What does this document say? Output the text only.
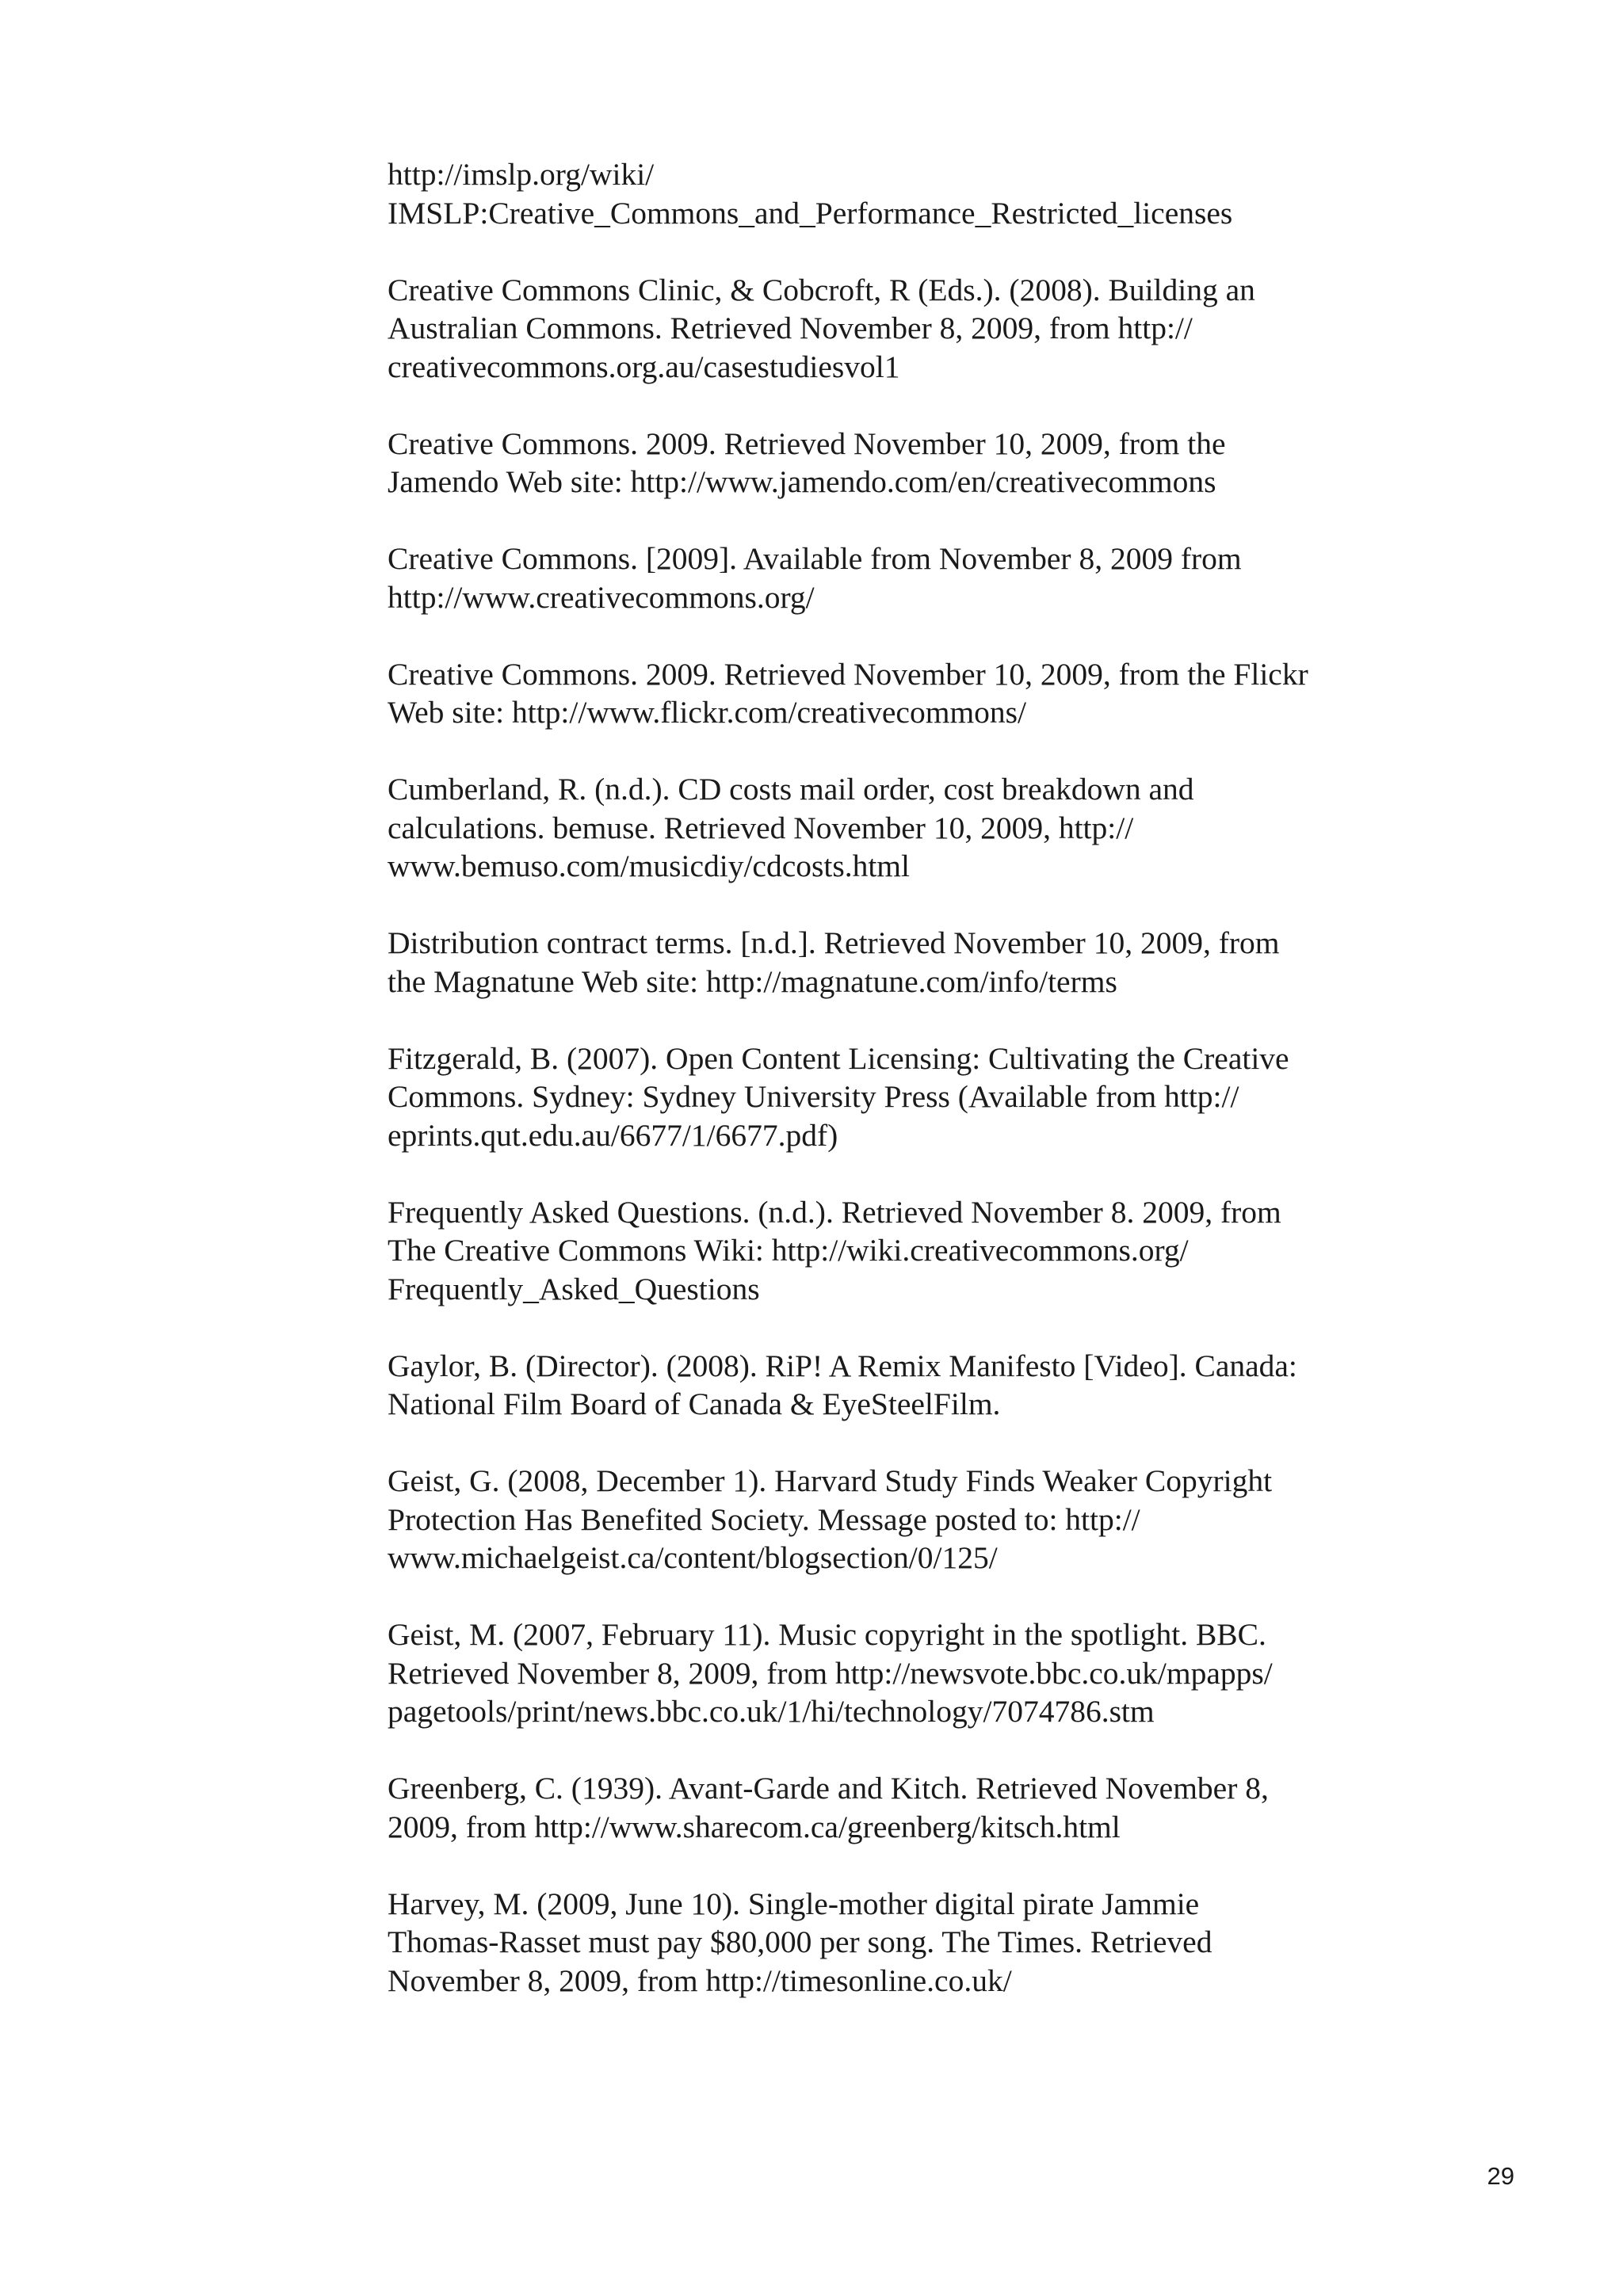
http://imslp.org/wiki/
IMSLP:Creative_Commons_and_Performance_Restricted_licenses
Creative Commons Clinic, & Cobcroft, R (Eds.). (2008). Building an
Australian Commons. Retrieved November 8, 2009, from http://
creativecommons.org.au/casestudiesvol1
Creative Commons. 2009. Retrieved November 10, 2009, from the
Jamendo Web site: http://www.jamendo.com/en/creativecommons
Creative Commons. [2009]. Available from November 8, 2009 from
http://www.creativecommons.org/
Creative Commons. 2009. Retrieved November 10, 2009, from the Flickr
Web site: http://www.flickr.com/creativecommons/
Cumberland, R. (n.d.). CD costs mail order, cost breakdown and
calculations. bemuse. Retrieved November 10, 2009, http://
www.bemuso.com/musicdiy/cdcosts.html
Distribution contract terms. [n.d.]. Retrieved November 10, 2009, from
the Magnatune Web site: http://magnatune.com/info/terms
Fitzgerald, B. (2007). Open Content Licensing: Cultivating the Creative
Commons. Sydney: Sydney University Press (Available from http://
eprints.qut.edu.au/6677/1/6677.pdf)
Frequently Asked Questions. (n.d.). Retrieved November 8. 2009, from
The Creative Commons Wiki: http://wiki.creativecommons.org/
Frequently_Asked_Questions
Gaylor, B. (Director). (2008). RiP! A Remix Manifesto [Video]. Canada:
National Film Board of Canada & EyeSteelFilm.
Geist, G. (2008, December 1). Harvard Study Finds Weaker Copyright
Protection Has Benefited Society. Message posted to: http://
www.michaelgeist.ca/content/blogsection/0/125/
Geist, M. (2007, February 11). Music copyright in the spotlight. BBC.
Retrieved November 8, 2009, from http://newsvote.bbc.co.uk/mpapps/
pagetools/print/news.bbc.co.uk/1/hi/technology/7074786.stm
Greenberg, C. (1939). Avant-Garde and Kitch. Retrieved November 8,
2009, from http://www.sharecom.ca/greenberg/kitsch.html
Harvey, M. (2009, June 10). Single-mother digital pirate Jammie
Thomas-Rasset must pay $80,000 per song. The Times. Retrieved
November 8, 2009, from http://timesonline.co.uk/
29
